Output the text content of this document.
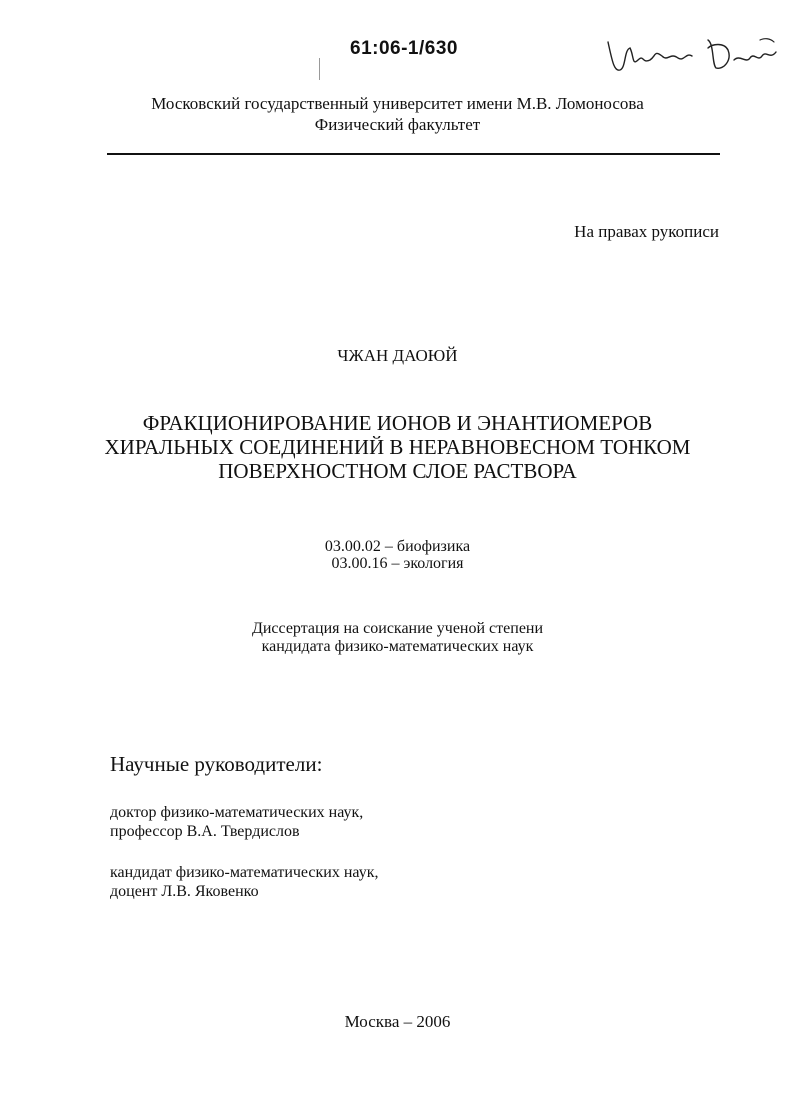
61:06-1/630
Московский государственный университет имени М.В. Ломоносова
Физический факультет
На правах рукописи
ЧЖАН ДАОЮЙ
ФРАКЦИОНИРОВАНИЕ ИОНОВ И ЭНАНТИОМЕРОВ
ХИРАЛЬНЫХ СОЕДИНЕНИЙ В НЕРАВНОВЕСНОМ ТОНКОМ
ПОВЕРХНОСТНОМ СЛОЕ РАСТВОРА
03.00.02 – биофизика
03.00.16 – экология
Диссертация на соискание ученой степени
кандидата физико-математических наук
Научные руководители:
доктор физико-математических наук,
профессор В.А. Твердислов
кандидат физико-математических наук,
доцент Л.В. Яковенко
Москва – 2006
